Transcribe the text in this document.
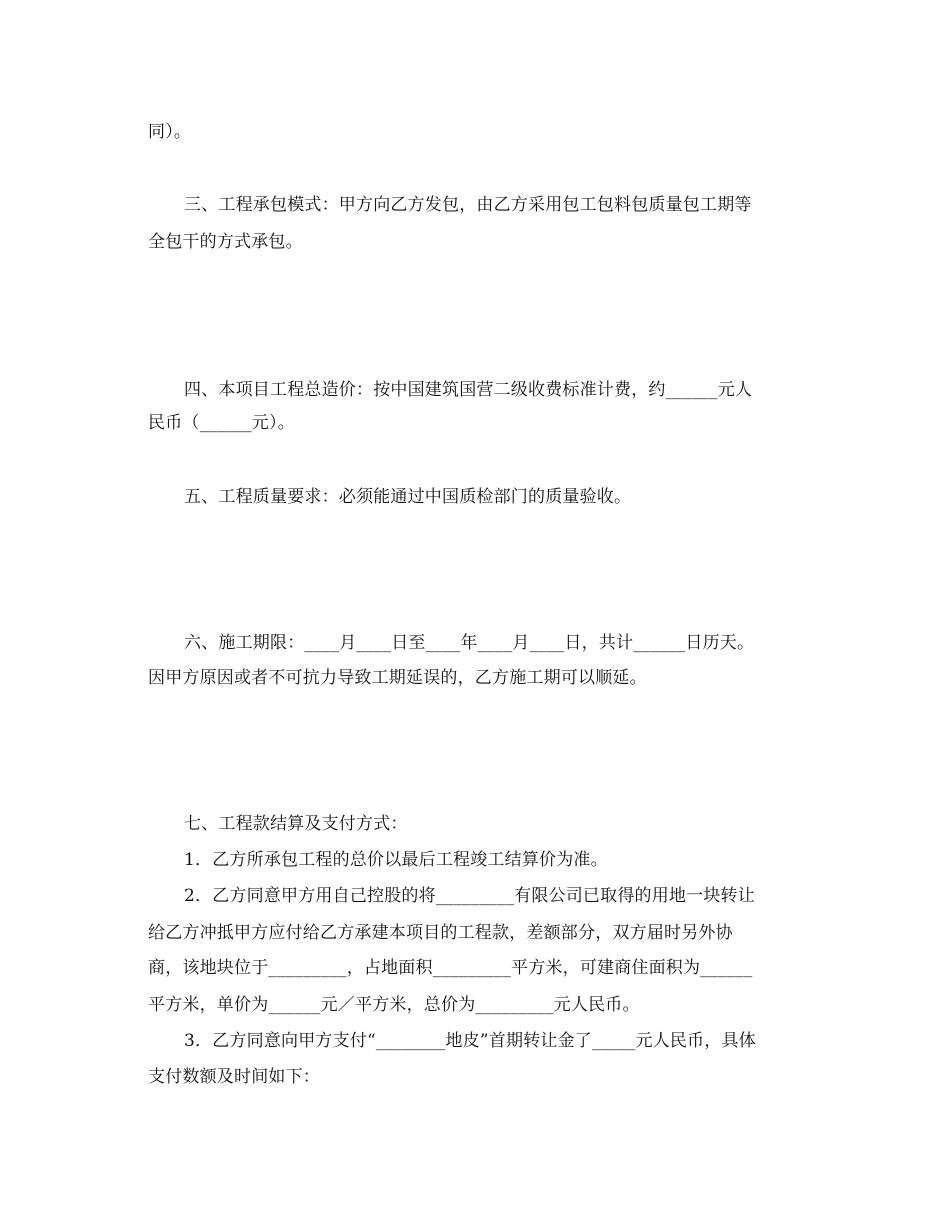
同）。
三、工程承包模式：甲方向乙方发包，由乙方采用包工包料包质量包工期等
全包干的方式承包。
四、本项目工程总造价：按中国建筑国营二级收费标准计费，约______元人
民币（______元）。
五、工程质量要求：必须能通过中国质检部门的质量验收。
六、施工期限：____月____日至____年____月____日，共计______日历天。
因甲方原因或者不可抗力导致工期延误的，乙方施工期可以顺延。
七、工程款结算及支付方式：
1．乙方所承包工程的总价以最后工程竣工结算价为准。
2．乙方同意甲方用自己控股的将_________有限公司已取得的用地一块转让
给乙方冲抵甲方应付给乙方承建本项目的工程款，差额部分，双方届时另外协
商，该地块位于_________，占地面积_________平方米，可建商住面积为______
平方米，单价为______元／平方米，总价为_________元人民币。
3．乙方同意向甲方支付“________地皮”首期转让金了_____元人民币，具体
支付数额及时间如下：
